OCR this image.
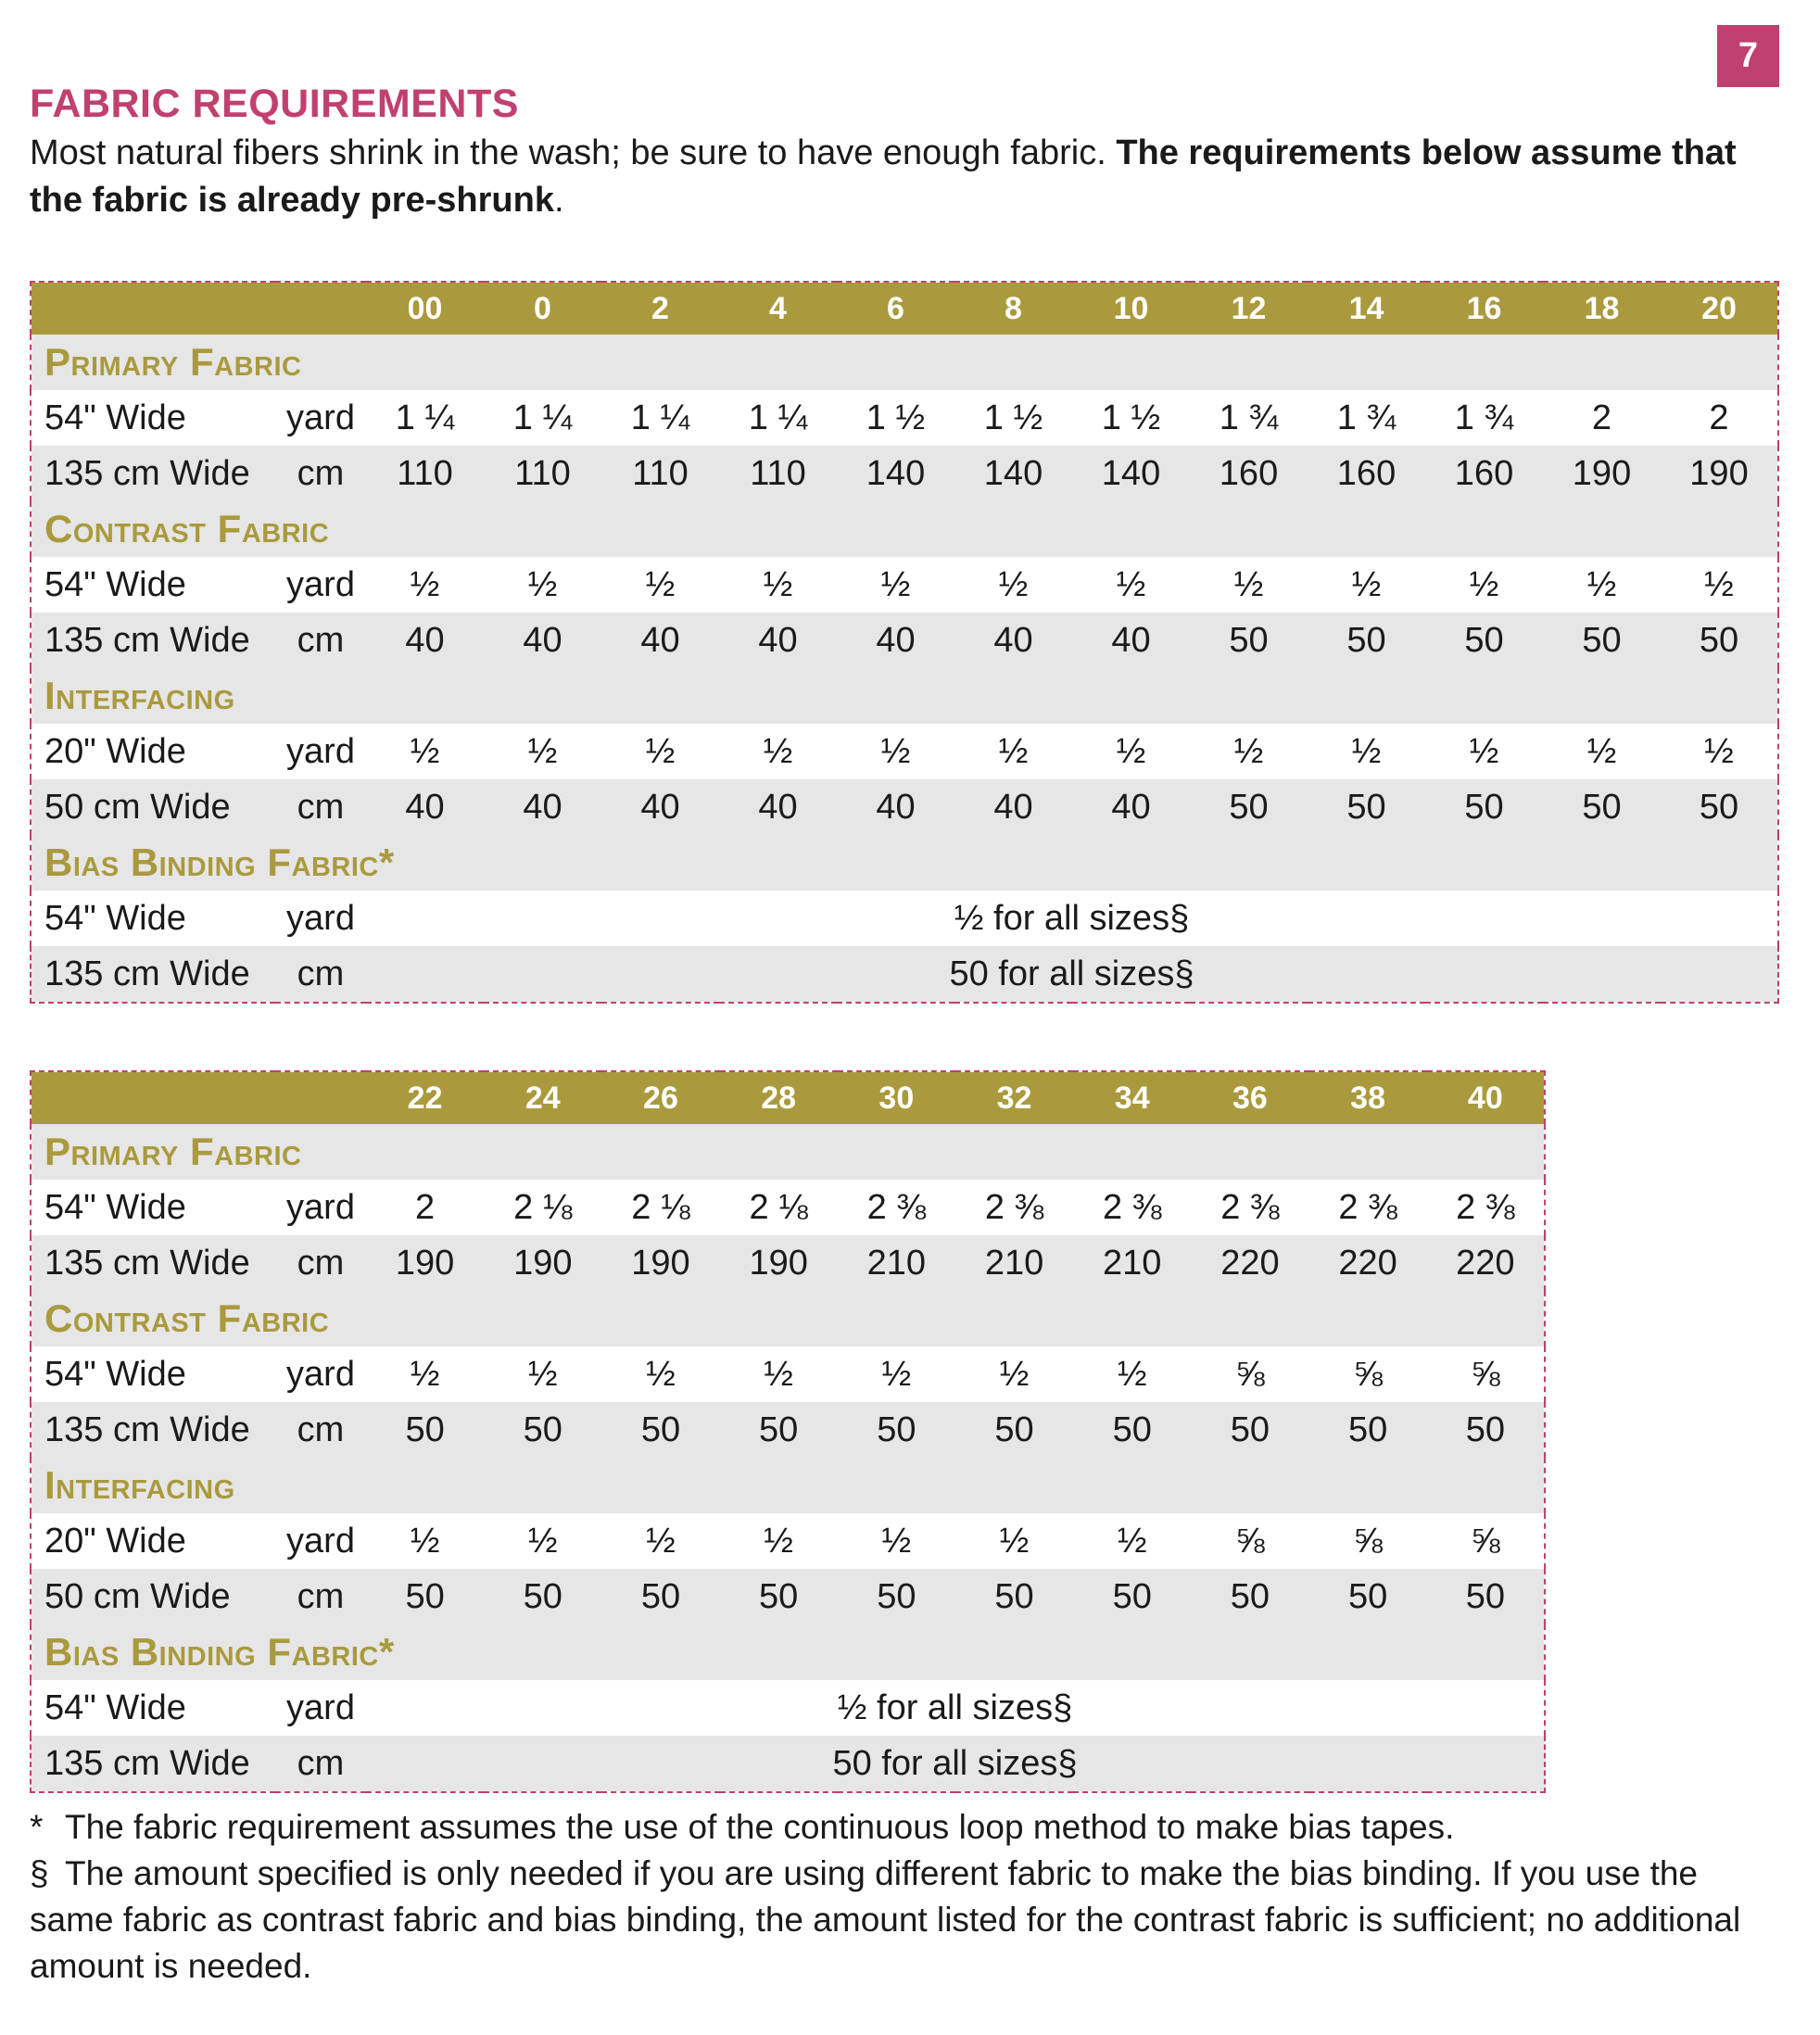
7
FABRIC REQUIREMENTS

Most natural fibers shrink in the wash; be sure to have enough fabric. The requirements below assume that the fabric is already pre-shrunk.

		00	0	2	4	6	8	10	12	14	16	18	20
Primary Fabric													
54" Wide	yard	1 ¼	1 ¼	1 ¼	1 ¼	1 ½	1 ½	1 ½	1 ¾	1 ¾	1 ¾	2	2
135 cm Wide	cm	110	110	110	110	140	140	140	160	160	160	190	190
Contrast Fabric													
54" Wide	yard	½	½	½	½	½	½	½	½	½	½	½	½
135 cm Wide	cm	40	40	40	40	40	40	40	50	50	50	50	50
Interfacing													
20" Wide	yard	½	½	½	½	½	½	½	½	½	½	½	½
50 cm Wide	cm	40	40	40	40	40	40	40	50	50	50	50	50
Bias Binding Fabric*													
54" Wide	yard	½ for all sizes§											
135 cm Wide	cm	50 for all sizes§											
		22	24	26	28	30	32	34	36	38	40
Primary Fabric											
54" Wide	yard	2	2 ⅛	2 ⅛	2 ⅛	2 ⅜	2 ⅜	2 ⅜	2 ⅜	2 ⅜	2 ⅜
135 cm Wide	cm	190	190	190	190	210	210	210	220	220	220
Contrast Fabric											
54" Wide	yard	½	½	½	½	½	½	½	⅝	⅝	⅝
135 cm Wide	cm	50	50	50	50	50	50	50	50	50	50
Interfacing											
20" Wide	yard	½	½	½	½	½	½	½	⅝	⅝	⅝
50 cm Wide	cm	50	50	50	50	50	50	50	50	50	50
Bias Binding Fabric*											
54" Wide	yard	½ for all sizes§									
135 cm Wide	cm	50 for all sizes§									

* The fabric requirement assumes the use of the continuous loop method to make bias tapes.

§ The amount specified is only needed if you are using different fabric to make the bias binding. If you use the same fabric as contrast fabric and bias binding, the amount listed for the contrast fabric is sufficient; no additional amount is needed.
